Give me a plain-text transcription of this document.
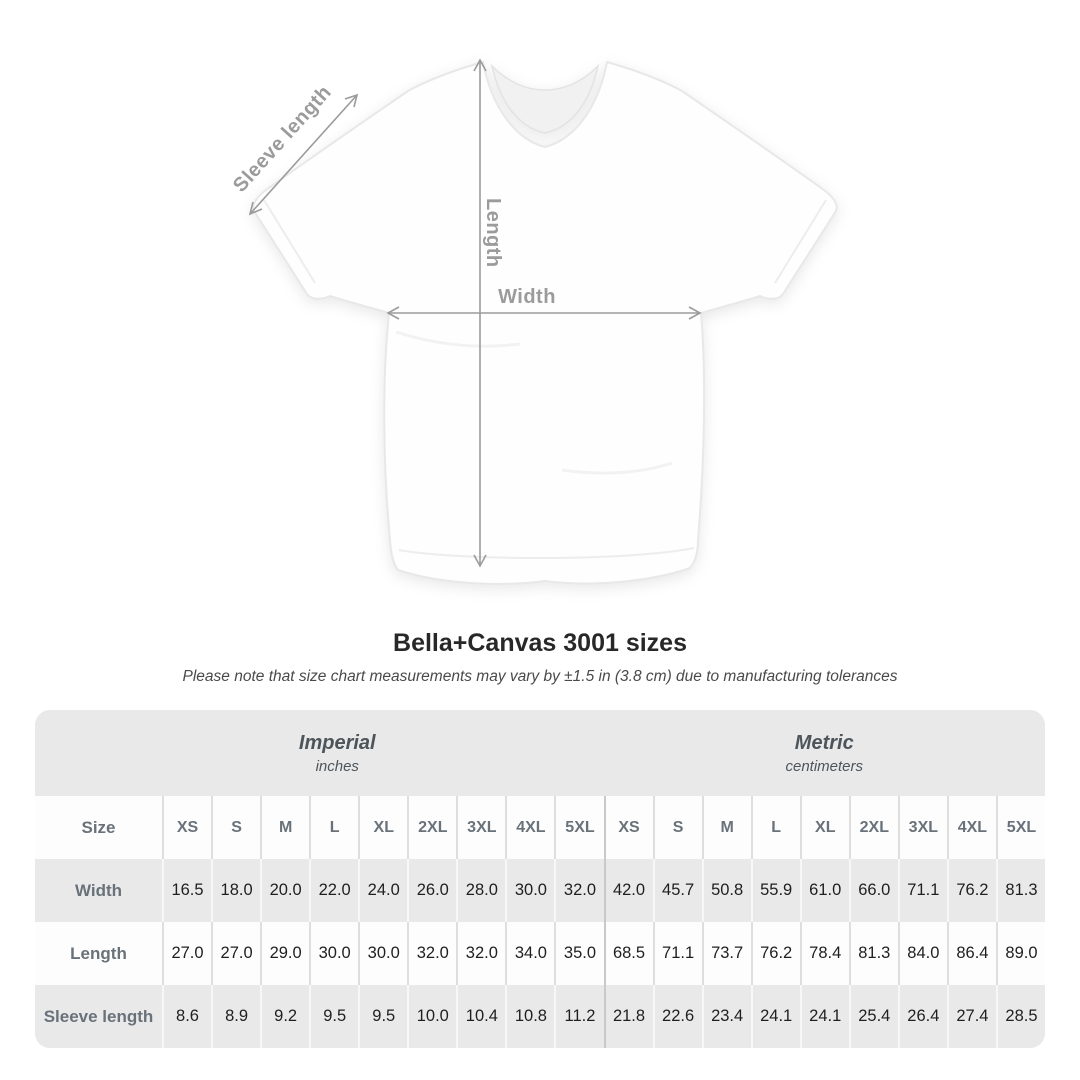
Length
Width
Sleeve length
Bella+Canvas 3001 sizes
Please note that size chart measurements may vary by ±1.5 in (3.8 cm) due to manufacturing tolerances
Imperial
inches
Metric
centimeters
Size	XS	S	M	L	XL	2XL	3XL	4XL	5XL	XS	S	M	L	XL	2XL	3XL	4XL	5XL
Width	16.5	18.0	20.0	22.0	24.0	26.0	28.0	30.0	32.0	42.0	45.7	50.8	55.9	61.0	66.0	71.1	76.2	81.3
Length	27.0	27.0	29.0	30.0	30.0	32.0	32.0	34.0	35.0	68.5	71.1	73.7	76.2	78.4	81.3	84.0	86.4	89.0
Sleeve length	8.6	8.9	9.2	9.5	9.5	10.0	10.4	10.8	11.2	21.8	22.6	23.4	24.1	24.1	25.4	26.4	27.4	28.5
